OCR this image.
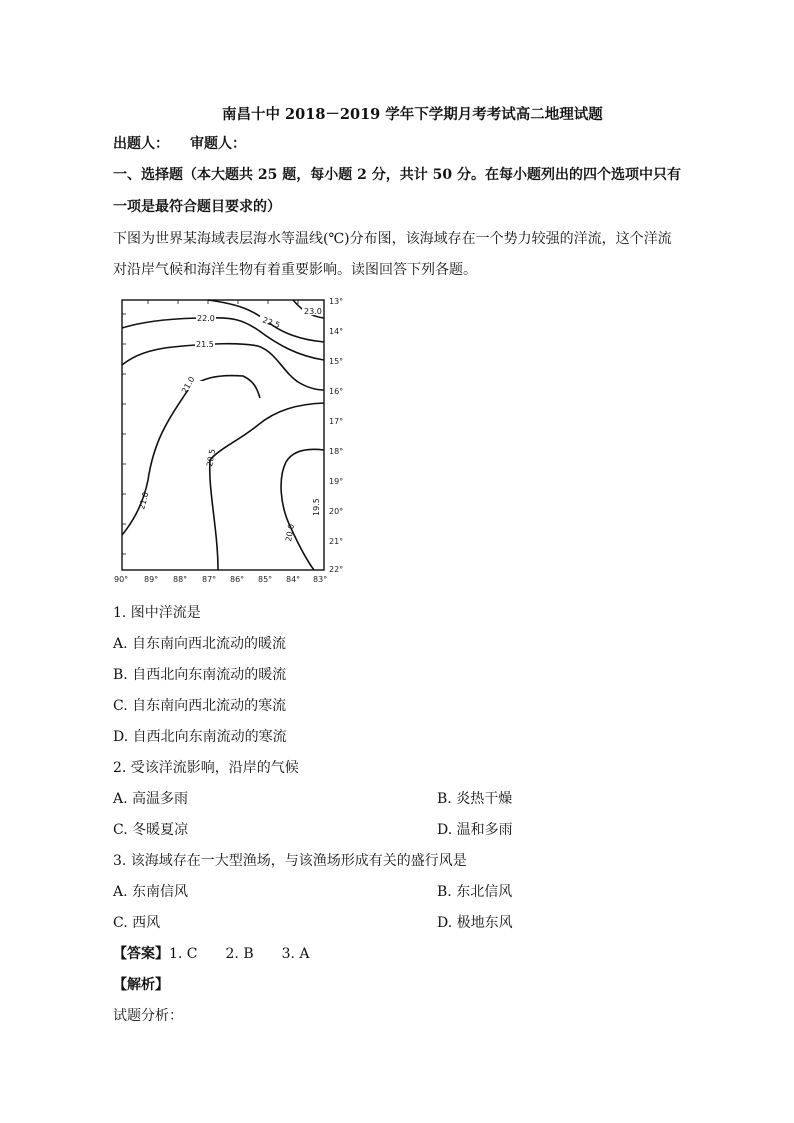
南昌十中 2018－2019 学年下学期月考考试高二地理试题
出题人：　　审题人：
一、选择题（本大题共 25 题，每小题 2 分，共计 50 分。在每小题列出的四个选项中只有
一项是最符合题目要求的）
下图为世界某海域表层海水等温线(℃)分布图，该海域存在一个势力较强的洋流，这个洋流
对沿岸气候和海洋生物有着重要影响。读图回答下列各题。
22.0	22.5
23.0
21.5
21.0
20.5
21.0	19.5
20.0
90° 89° 88° 87° 86° 85° 84° 83°
13°
14°
15°
16°
17°
18°
19°
20°
21°
22°
1. 图中洋流是
A. 自东南向西北流动的暖流
B. 自西北向东南流动的暖流
C. 自东南向西北流动的寒流
D. 自西北向东南流动的寒流
2. 受该洋流影响，沿岸的气候
A. 高温多雨	B. 炎热干燥
C. 冬暖夏凉	D. 温和多雨
3. 该海域存在一大型渔场，与该渔场形成有关的盛行风是
A. 东南信风	B. 东北信风
C. 西风	D. 极地东风
【答案】1. C　　2. B　　3. A
【解析】
试题分析：
